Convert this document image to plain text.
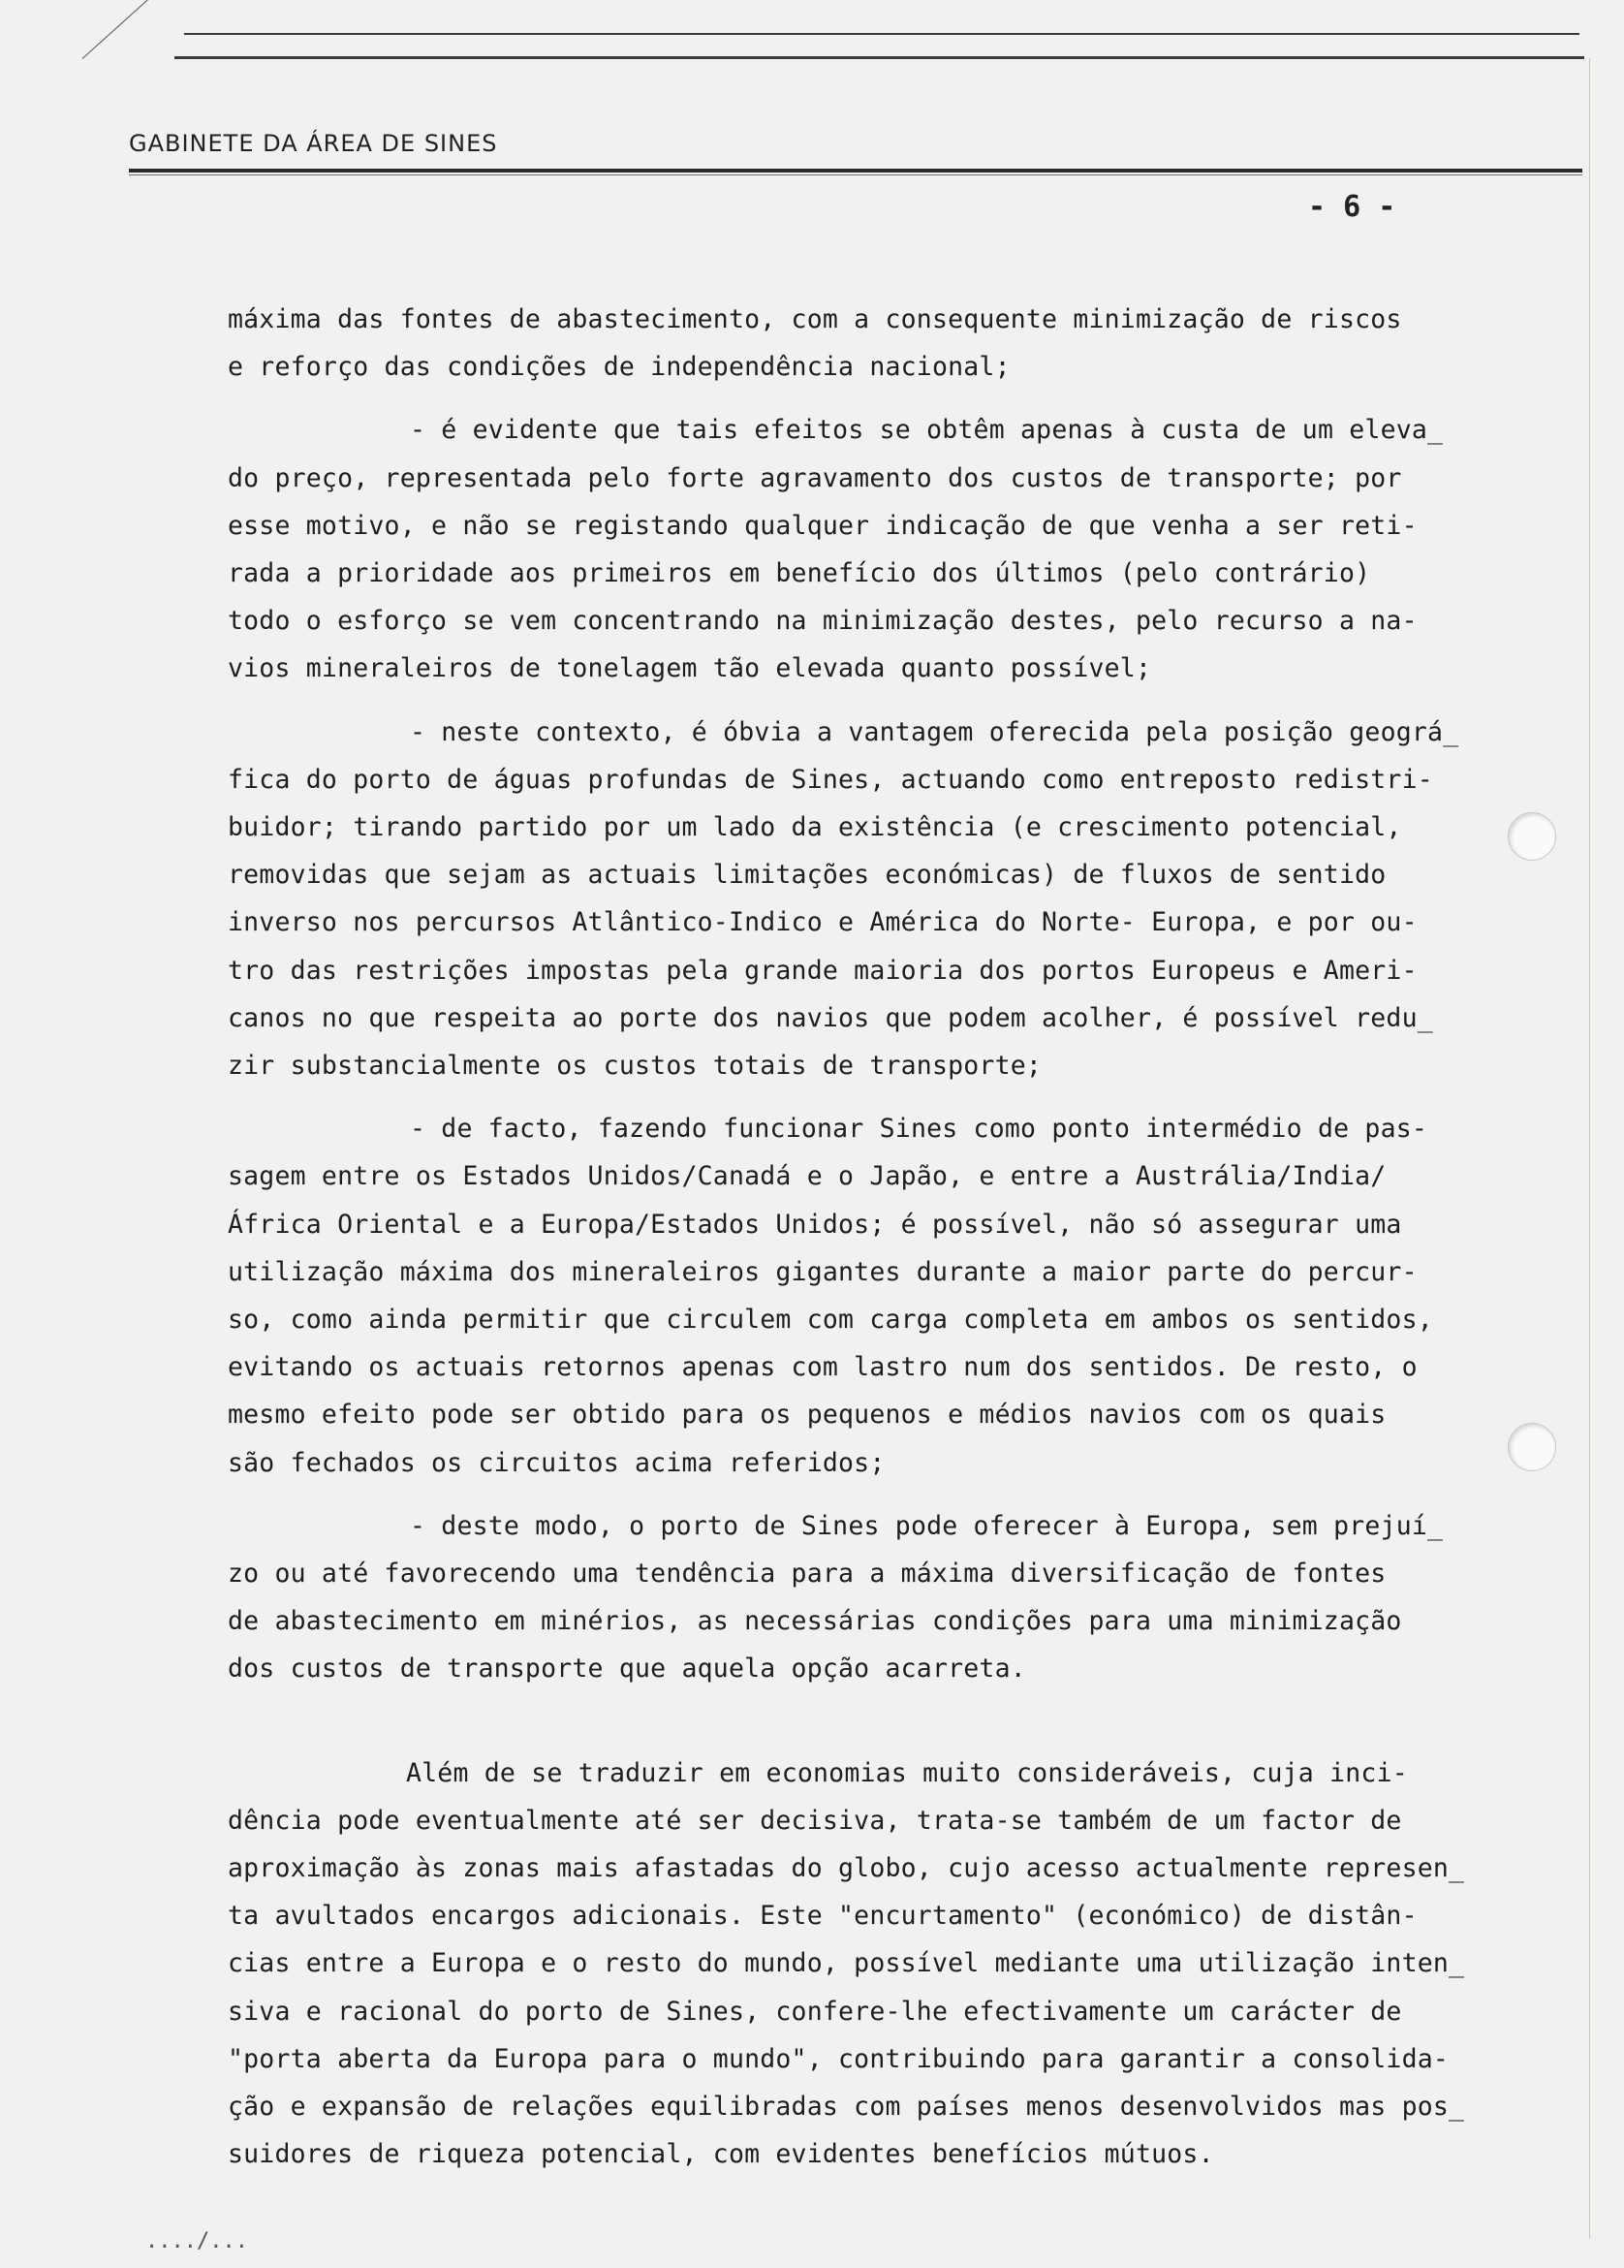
GABINETE DA ÁREA DE SINES
- 6 -
máxima das fontes de abastecimento, com a consequente minimização de riscos
e reforço das condições de independência nacional;
- é evidente que tais efeitos se obtêm apenas à custa de um eleva_
do preço, representada pelo forte agravamento dos custos de transporte; por
esse motivo, e não se registando qualquer indicação de que venha a ser reti-
rada a prioridade aos primeiros em benefício dos últimos (pelo contrário)
todo o esforço se vem concentrando na minimização destes, pelo recurso a na-
vios mineraleiros de tonelagem tão elevada quanto possível;
- neste contexto, é óbvia a vantagem oferecida pela posição geográ_
fica do porto de águas profundas de Sines, actuando como entreposto redistri-
buidor; tirando partido por um lado da existência (e crescimento potencial,
removidas que sejam as actuais limitações económicas) de fluxos de sentido
inverso nos percursos Atlântico-Indico e América do Norte- Europa, e por ou-
tro das restrições impostas pela grande maioria dos portos Europeus e Ameri-
canos no que respeita ao porte dos navios que podem acolher, é possível redu_
zir substancialmente os custos totais de transporte;
- de facto, fazendo funcionar Sines como ponto intermédio de pas-
sagem entre os Estados Unidos/Canadá e o Japão, e entre a Austrália/India/
África Oriental e a Europa/Estados Unidos; é possível, não só assegurar uma
utilização máxima dos mineraleiros gigantes durante a maior parte do percur-
so, como ainda permitir que circulem com carga completa em ambos os sentidos,
evitando os actuais retornos apenas com lastro num dos sentidos. De resto, o
mesmo efeito pode ser obtido para os pequenos e médios navios com os quais
são fechados os circuitos acima referidos;
- deste modo, o porto de Sines pode oferecer à Europa, sem prejuí_
zo ou até favorecendo uma tendência para a máxima diversificação de fontes
de abastecimento em minérios, as necessárias condições para uma minimização
dos custos de transporte que aquela opção acarreta.
Além de se traduzir em economias muito consideráveis, cuja inci-
dência pode eventualmente até ser decisiva, trata-se também de um factor de
aproximação às zonas mais afastadas do globo, cujo acesso actualmente represen_
ta avultados encargos adicionais. Este "encurtamento" (económico) de distân-
cias entre a Europa e o resto do mundo, possível mediante uma utilização inten_
siva e racional do porto de Sines, confere-lhe efectivamente um carácter de
"porta aberta da Europa para o mundo", contribuindo para garantir a consolida-
ção e expansão de relações equilibradas com países menos desenvolvidos mas pos_
suidores de riqueza potencial, com evidentes benefícios mútuos.
..../...
